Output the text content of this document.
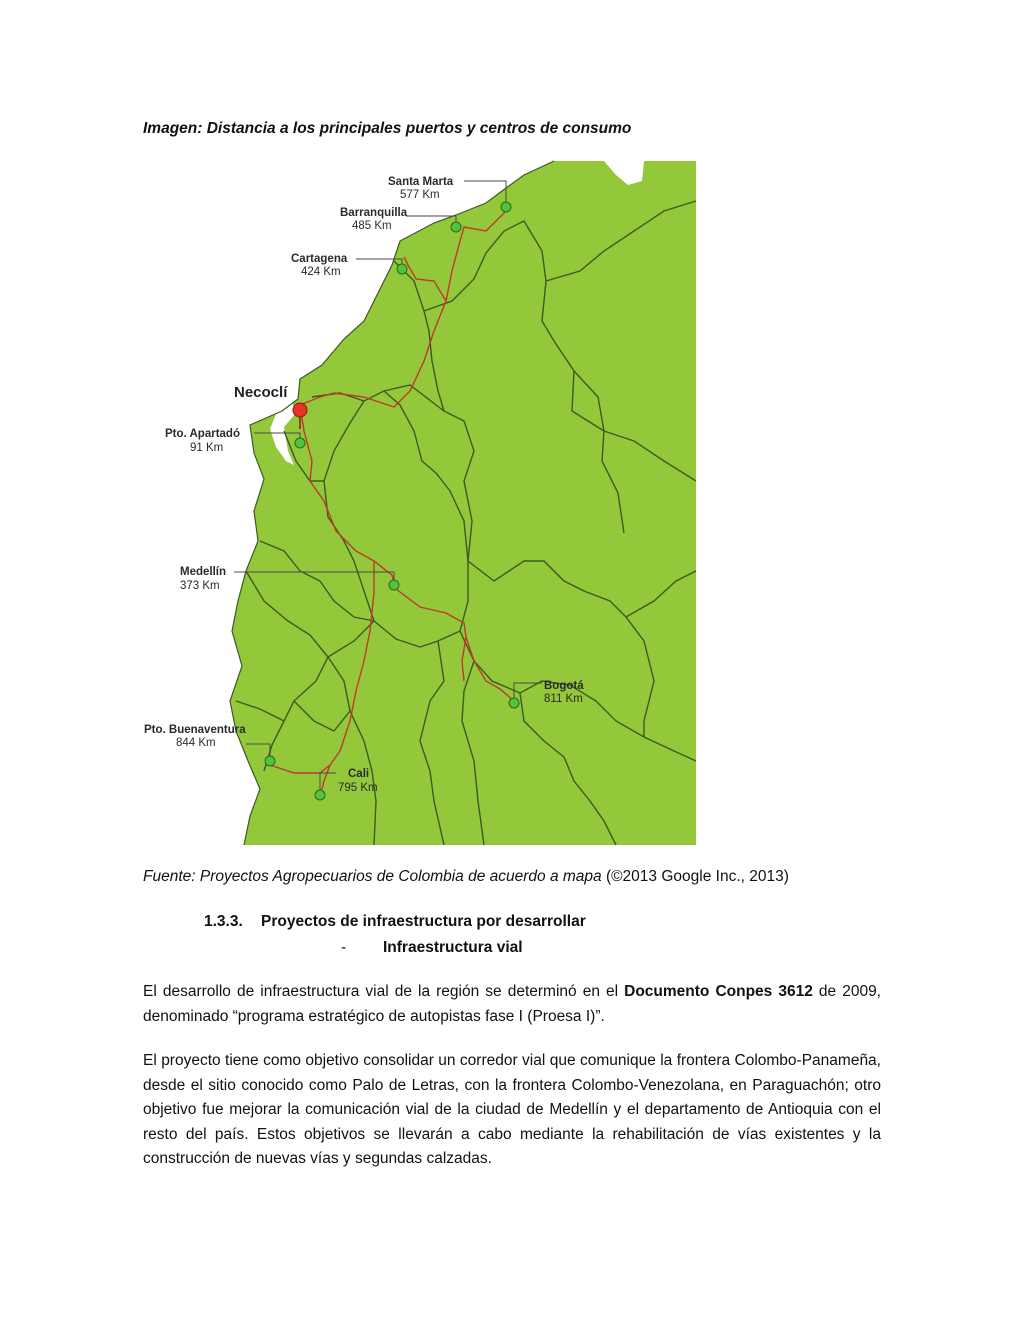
Imagen: Distancia a los principales puertos y centros de consumo
Santa Marta
577 Km
Barranquilla
485 Km
Cartagena
424 Km
Necoclí
Pto. Apartadó
91 Km
Medellín
373 Km
Bogotá
811 Km
Pto. Buenaventura
844 Km
Cali
795 Km
Fuente: Proyectos Agropecuarios de Colombia de acuerdo a mapa (©2013 Google Inc., 2013)
1.3.3. Proyectos de infraestructura por desarrollar
- Infraestructura vial

El desarrollo de infraestructura vial de la región se determinó en el Documento Conpes 3612 de 2009, denominado “programa estratégico de autopistas fase I (Proesa I)”.

El proyecto tiene como objetivo consolidar un corredor vial que comunique la frontera Colombo-Panameña, desde el sitio conocido como Palo de Letras, con la frontera Colombo-Venezolana, en Paraguachón; otro objetivo fue mejorar la comunicación vial de la ciudad de Medellín y el departamento de Antioquia con el resto del país. Estos objetivos se llevarán a cabo mediante la rehabilitación de vías existentes y la construcción de nuevas vías y segundas calzadas.
